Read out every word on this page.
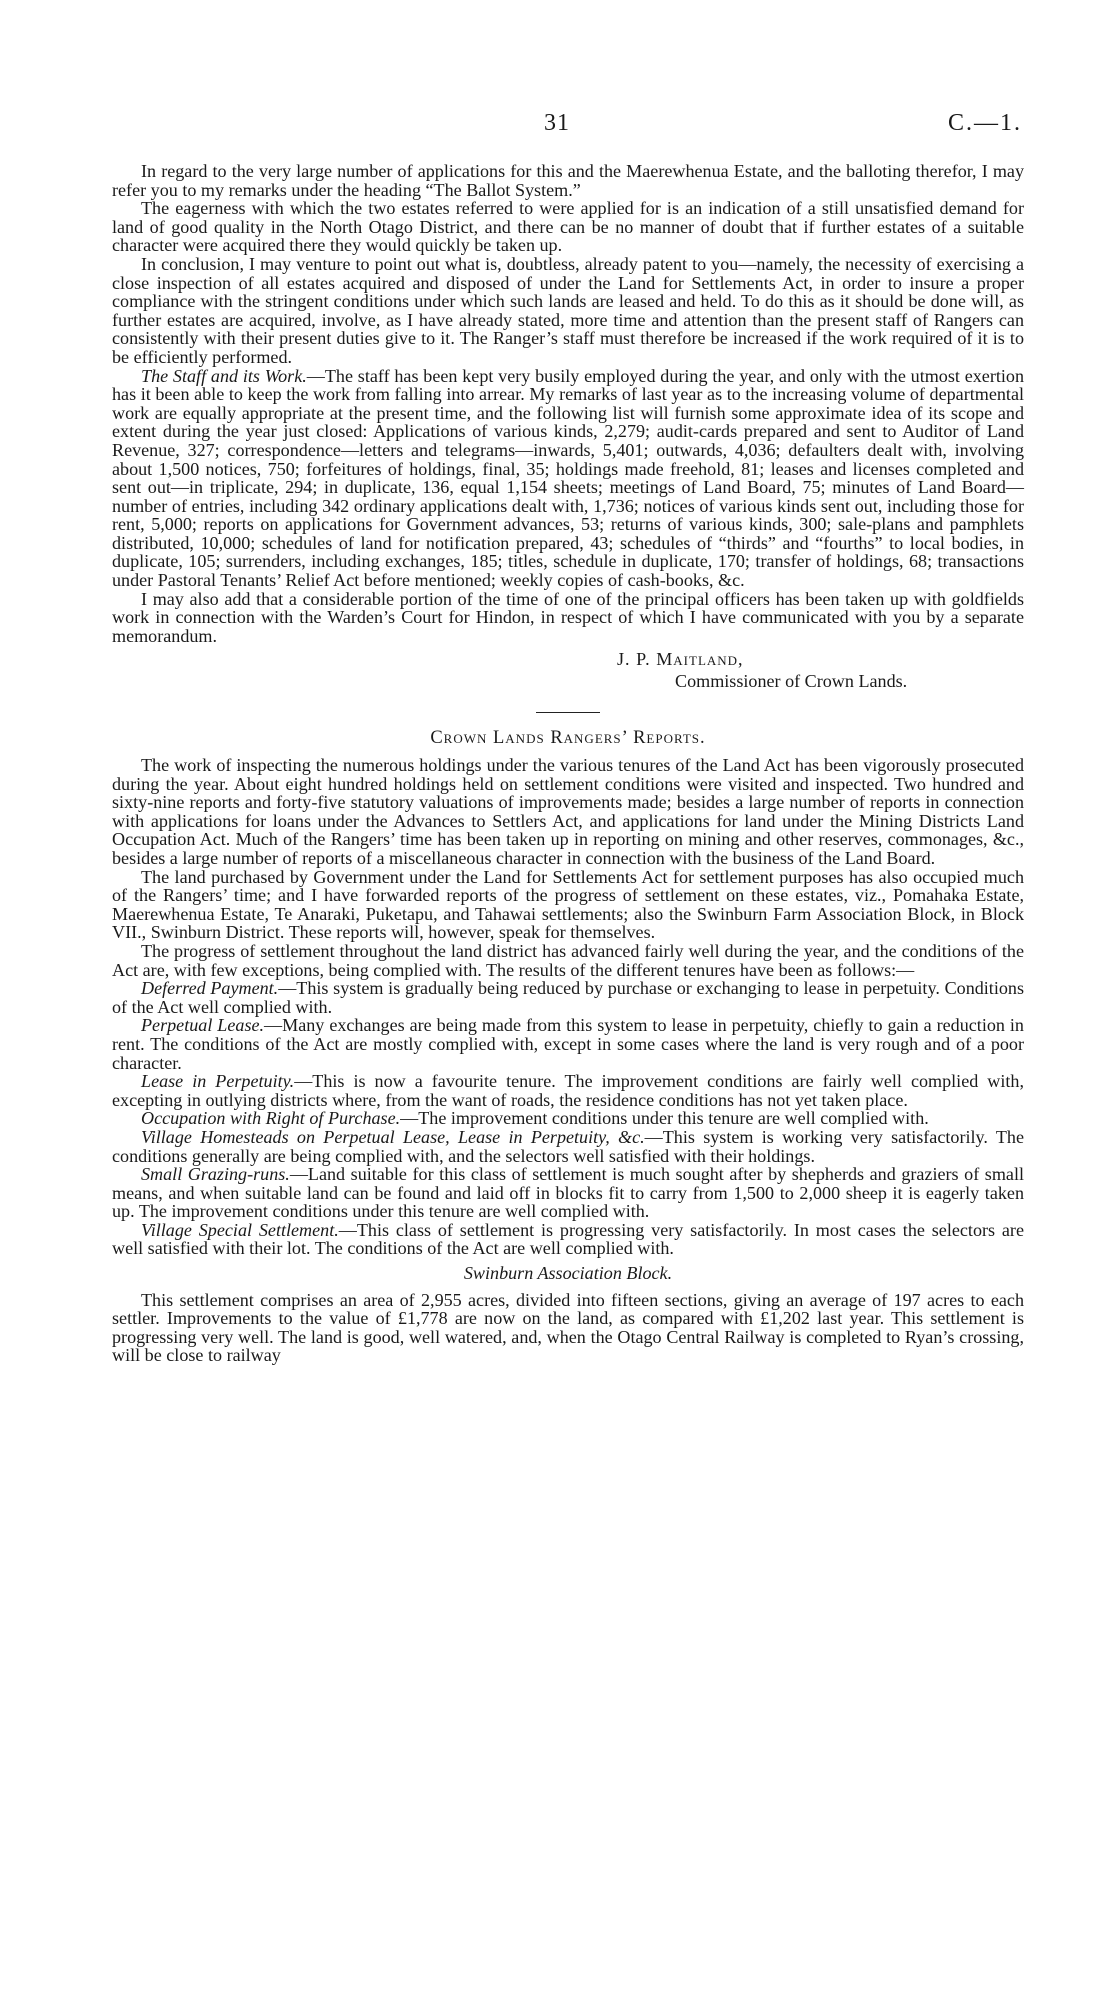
31	C.—1.

In regard to the very large number of applications for this and the Maerewhenua Estate, and the balloting therefor, I may refer you to my remarks under the heading “The Ballot System.”

The eagerness with which the two estates referred to were applied for is an indication of a still unsatisfied demand for land of good quality in the North Otago District, and there can be no manner of doubt that if further estates of a suitable character were acquired there they would quickly be taken up.

In conclusion, I may venture to point out what is, doubtless, already patent to you—namely, the necessity of exercising a close inspection of all estates acquired and disposed of under the Land for Settlements Act, in order to insure a proper compliance with the stringent conditions under which such lands are leased and held. To do this as it should be done will, as further estates are acquired, involve, as I have already stated, more time and attention than the present staff of Rangers can consistently with their present duties give to it. The Ranger’s staff must therefore be increased if the work required of it is to be efficiently performed.

The Staff and its Work.—The staff has been kept very busily employed during the year, and only with the utmost exertion has it been able to keep the work from falling into arrear. My remarks of last year as to the increasing volume of departmental work are equally appropriate at the present time, and the following list will furnish some approximate idea of its scope and extent during the year just closed: Applications of various kinds, 2,279; audit-cards prepared and sent to Auditor of Land Revenue, 327; correspondence—letters and telegrams—inwards, 5,401; outwards, 4,036; defaulters dealt with, involving about 1,500 notices, 750; forfeitures of holdings, final, 35; holdings made freehold, 81; leases and licenses completed and sent out—in triplicate, 294; in duplicate, 136, equal 1,154 sheets; meetings of Land Board, 75; minutes of Land Board—number of entries, including 342 ordinary applications dealt with, 1,736; notices of various kinds sent out, including those for rent, 5,000; reports on applications for Government advances, 53; returns of various kinds, 300; sale-plans and pamphlets distributed, 10,000; schedules of land for notification prepared, 43; schedules of “thirds” and “fourths” to local bodies, in duplicate, 105; surrenders, including exchanges, 185; titles, schedule in duplicate, 170; transfer of holdings, 68; transactions under Pastoral Tenants’ Relief Act before mentioned; weekly copies of cash-books, &c.

I may also add that a considerable portion of the time of one of the principal officers has been taken up with goldfields work in connection with the Warden’s Court for Hindon, in respect of which I have communicated with you by a separate memorandum.

J. P. Maitland,
Commissioner of Crown Lands.
Crown Lands Rangers’ Reports.

The work of inspecting the numerous holdings under the various tenures of the Land Act has been vigorously prosecuted during the year. About eight hundred holdings held on settlement conditions were visited and inspected. Two hundred and sixty-nine reports and forty-five statutory valuations of improvements made; besides a large number of reports in connection with applications for loans under the Advances to Settlers Act, and applications for land under the Mining Districts Land Occupation Act. Much of the Rangers’ time has been taken up in reporting on mining and other reserves, commonages, &c., besides a large number of reports of a miscellaneous character in connection with the business of the Land Board.

The land purchased by Government under the Land for Settlements Act for settlement purposes has also occupied much of the Rangers’ time; and I have forwarded reports of the progress of settlement on these estates, viz., Pomahaka Estate, Maerewhenua Estate, Te Anaraki, Puketapu, and Tahawai settlements; also the Swinburn Farm Association Block, in Block VII., Swinburn District. These reports will, however, speak for themselves.

The progress of settlement throughout the land district has advanced fairly well during the year, and the conditions of the Act are, with few exceptions, being complied with. The results of the different tenures have been as follows:—

Deferred Payment.—This system is gradually being reduced by purchase or exchanging to lease in perpetuity. Conditions of the Act well complied with.

Perpetual Lease.—Many exchanges are being made from this system to lease in perpetuity, chiefly to gain a reduction in rent. The conditions of the Act are mostly complied with, except in some cases where the land is very rough and of a poor character.

Lease in Perpetuity.—This is now a favourite tenure. The improvement conditions are fairly well complied with, excepting in outlying districts where, from the want of roads, the residence conditions has not yet taken place.

Occupation with Right of Purchase.—The improvement conditions under this tenure are well complied with.

Village Homesteads on Perpetual Lease, Lease in Perpetuity, &c.—This system is working very satisfactorily. The conditions generally are being complied with, and the selectors well satisfied with their holdings.

Small Grazing-runs.—Land suitable for this class of settlement is much sought after by shepherds and graziers of small means, and when suitable land can be found and laid off in blocks fit to carry from 1,500 to 2,000 sheep it is eagerly taken up. The improvement conditions under this tenure are well complied with.

Village Special Settlement.—This class of settlement is progressing very satisfactorily. In most cases the selectors are well satisfied with their lot. The conditions of the Act are well complied with.

Swinburn Association Block.

This settlement comprises an area of 2,955 acres, divided into fifteen sections, giving an average of 197 acres to each settler. Improvements to the value of £1,778 are now on the land, as compared with £1,202 last year. This settlement is progressing very well. The land is good, well watered, and, when the Otago Central Railway is completed to Ryan’s crossing, will be close to railway
